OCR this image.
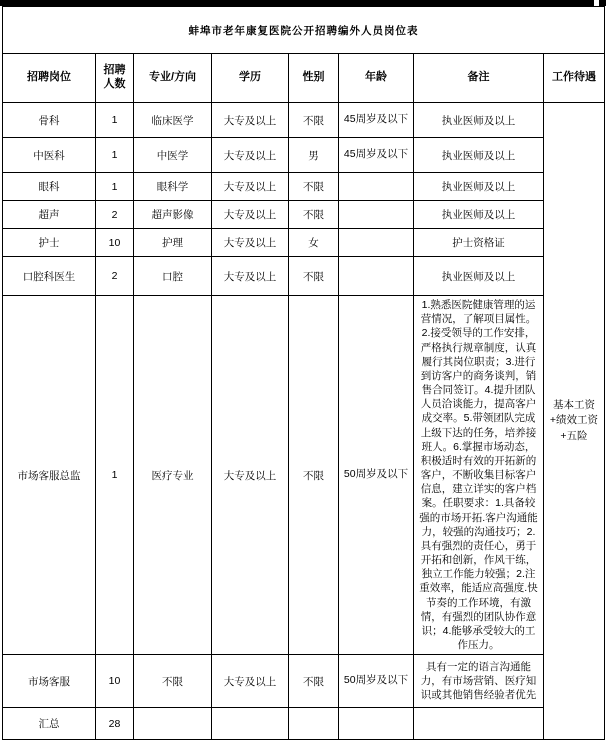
蚌埠市老年康复医院公开招聘编外人员岗位表							
招聘岗位	招聘人数	专业/方向	学历	性别	年龄	备注	工作待遇
骨科	1	临床医学	大专及以上	不限	45周岁及以下	执业医师及以上	基本工资+绩效工资+五险
中医科	1	中医学	大专及以上	男	45周岁及以下	执业医师及以上	
眼科	1	眼科学	大专及以上	不限		执业医师及以上	
超声	2	超声影像	大专及以上	不限		执业医师及以上	
护士	10	护理	大专及以上	女		护士资格证	
口腔科医生	2	口腔	大专及以上	不限		执业医师及以上	
市场客服总监	1	医疗专业	大专及以上	不限	50周岁及以下	1.熟悉医院健康管理的运营情况，了解项目属性。2.接受领导的工作安排，严格执行规章制度，认真履行其岗位职责；3.进行到访客户的商务谈判，销售合同签订。4.提升团队人员洽谈能力，提高客户成交率。5.带领团队完成上级下达的任务，培养接班人。6.掌握市场动态，积极适时有效的开拓新的客户，不断收集目标客户信息，建立详实的客户档案。任职要求：1.具备较强的市场开拓.客户沟通能力，较强的沟通技巧；2.具有强烈的责任心，勇于开拓和创新，作风干练，独立工作能力较强；2.注重效率，能适应高强度.快节奏的工作环境，有激情，有强烈的团队协作意识；4.能够承受较大的工作压力。	
市场客服	10	不限	大专及以上	不限	50周岁及以下	具有一定的语言沟通能力，有市场营销、医疗知识或其他销售经验者优先	
汇总	28						
